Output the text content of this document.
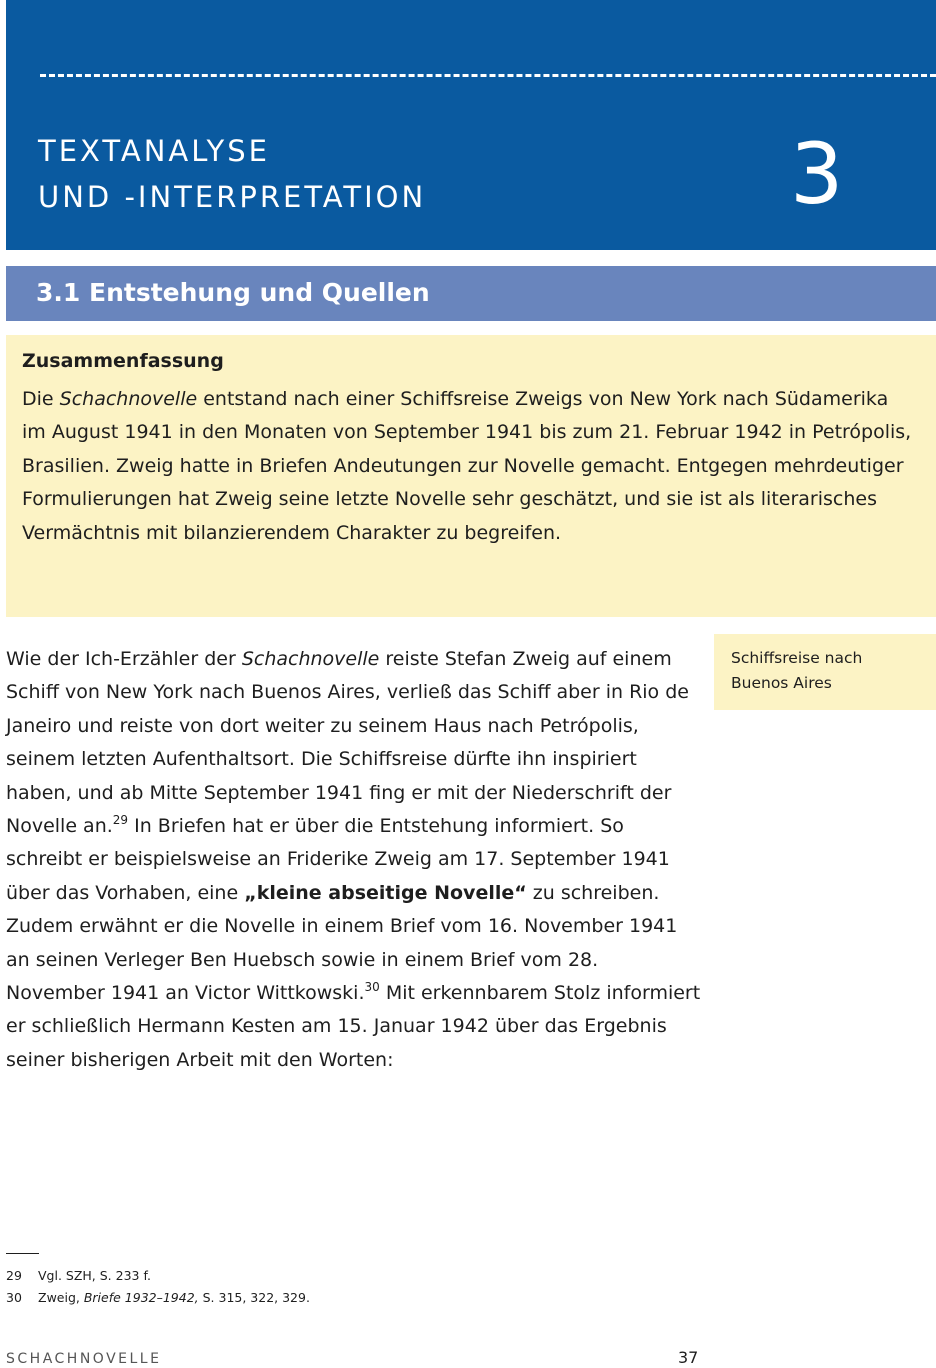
TEXTANALYSE
UND -INTERPRETATION	3
3.1 Entstehung und Quellen
Zusammenfassung

Die Schachnovelle entstand nach einer Schiffsreise Zweigs von New York nach Südamerika im August 1941 in den Monaten von September 1941 bis zum 21. Februar 1942 in Petrópolis, Brasilien. Zweig hatte in Briefen Andeutungen zur Novelle gemacht. Entgegen mehrdeutiger Formulierungen hat Zweig seine letzte Novelle sehr geschätzt, und sie ist als literarisches Vermächtnis mit bilanzierendem Charakter zu begreifen.

Wie der Ich-Erzähler der Schachnovelle reiste Stefan Zweig auf einem Schiff von New York nach Buenos Aires, verließ das Schiff aber in Rio de Janeiro und reiste von dort weiter zu seinem Haus nach Petrópolis, seinem letzten Aufenthaltsort. Die Schiffsreise dürfte ihn inspiriert haben, und ab Mitte September 1941 fing er mit der Niederschrift der Novelle an.$^{29}$ In Briefen hat er über die Entstehung informiert. So schreibt er beispielsweise an Friderike Zweig am 17. September 1941 über das Vorhaben, eine „kleine abseitige Novelle“ zu schreiben. Zudem erwähnt er die Novelle in einem Brief vom 16. November 1941 an seinen Verleger Ben Huebsch sowie in einem Brief vom 28. November 1941 an Victor Wittkowski.$^{30}$ Mit erkennbarem Stolz informiert er schließlich Hermann Kesten am 15. Januar 1942 über das Ergebnis seiner bisherigen Arbeit mit den Worten:

Schiffsreise nach
Buenos Aires
29 Vgl. SZH, S. 233 f.
30 Zweig, Briefe 1932–1942, S. 315, 322, 329.
SCHACHNOVELLE	37
